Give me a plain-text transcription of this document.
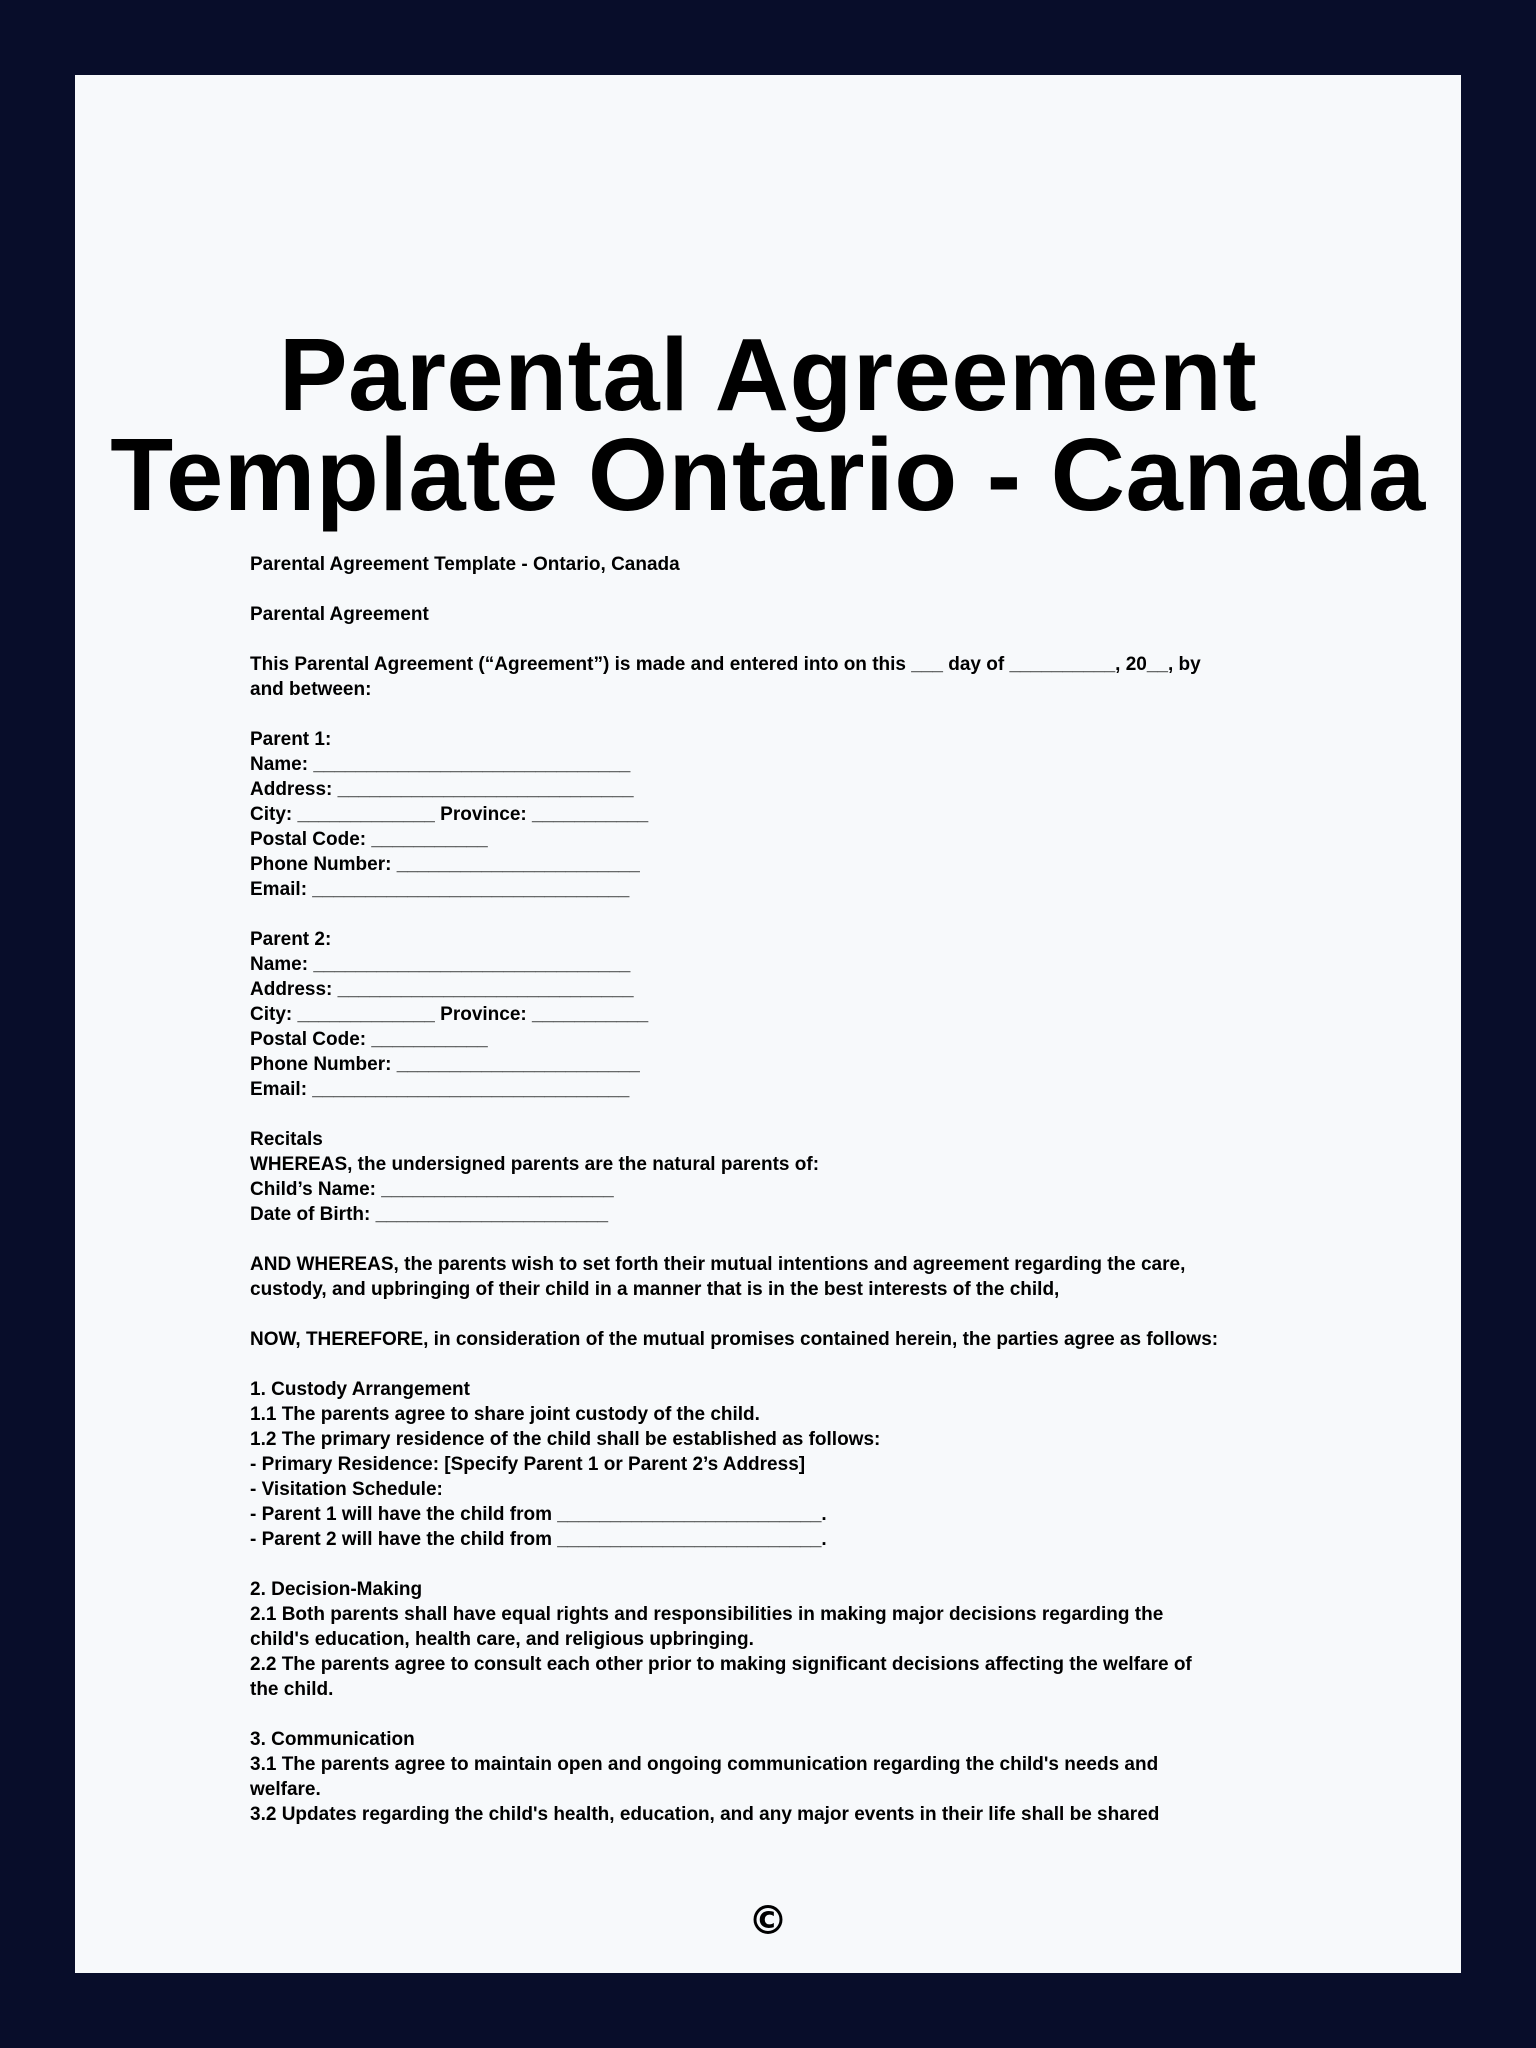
Parental Agreement
Template Ontario - Canada
Parental Agreement Template - Ontario, Canada
Parental Agreement
This Parental Agreement (“Agreement”) is made and entered into on this ___ day of __________, 20__, by
and between:
Parent 1:
Name: ______________________________
Address: ____________________________
City: _____________ Province: ___________
Postal Code: ___________
Phone Number: _______________________
Email: ______________________________
Parent 2:
Name: ______________________________
Address: ____________________________
City: _____________ Province: ___________
Postal Code: ___________
Phone Number: _______________________
Email: ______________________________
Recitals
WHEREAS, the undersigned parents are the natural parents of:
Child’s Name: ______________________
Date of Birth: ______________________
AND WHEREAS, the parents wish to set forth their mutual intentions and agreement regarding the care,
custody, and upbringing of their child in a manner that is in the best interests of the child,
NOW, THEREFORE, in consideration of the mutual promises contained herein, the parties agree as follows:
1. Custody Arrangement
1.1 The parents agree to share joint custody of the child.
1.2 The primary residence of the child shall be established as follows:
- Primary Residence: [Specify Parent 1 or Parent 2’s Address]
- Visitation Schedule:
- Parent 1 will have the child from _________________________.
- Parent 2 will have the child from _________________________.
2. Decision-Making
2.1 Both parents shall have equal rights and responsibilities in making major decisions regarding the
child's education, health care, and religious upbringing.
2.2 The parents agree to consult each other prior to making significant decisions affecting the welfare of
the child.
3. Communication
3.1 The parents agree to maintain open and ongoing communication regarding the child's needs and
welfare.
3.2 Updates regarding the child's health, education, and any major events in their life shall be shared
©
